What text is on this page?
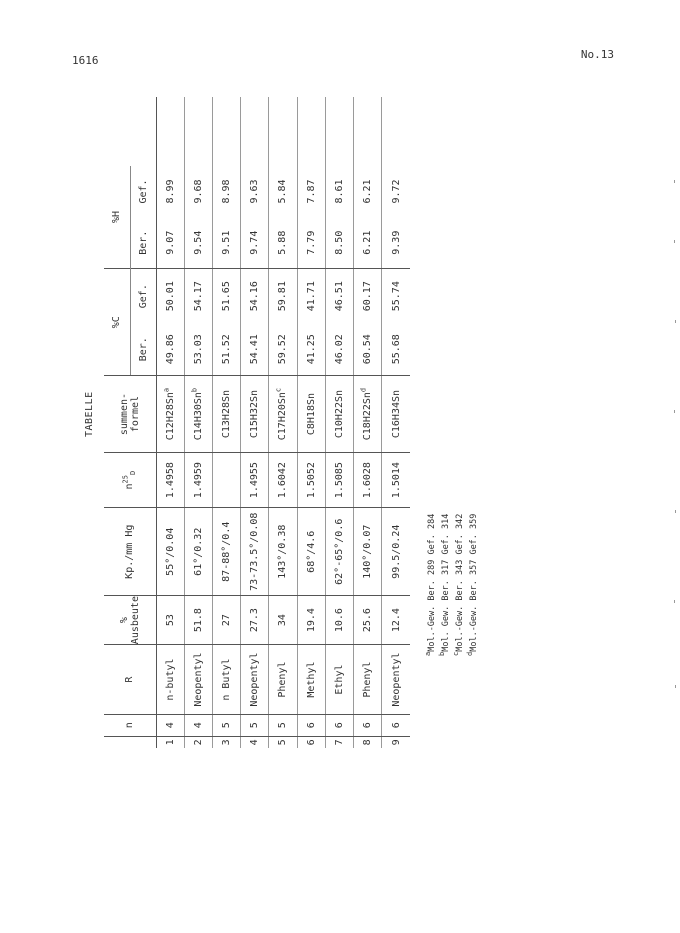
1616	No.13
TABELLE
	n	R	%
Ausbeute	Kp./mm Hg	$n^{25}_D$	summen-formel	%C		%H		
							Ber.	Gef.	Ber.	Gef.	
1	4	n-butyl	53	55°/0.04	1.4958	C12H28Sn$^a$	49.86	50.01	9.07	8.99	
2	4	Neopentyl	51.8	61°/0.32	1.4959	C14H30Sn$^b$	53.03	54.17	9.54	9.68	
3	5	n Butyl	27	87-88°/0.4		C13H28Sn	51.52	51.65	9.51	8.98	
4	5	Neopentyl	27.3	73-73.5°/0.08	1.4955	C15H32Sn	54.41	54.16	9.74	9.63	
5	5	Phenyl	34	143°/0.38	1.6042	C17H20Sn$^c$	59.52	59.81	5.88	5.84	
6	6	Methyl	19.4	68°/4.6	1.5052	C8H18Sn	41.25	41.71	7.79	7.87	
7	6	Ethyl	10.6	62°-65°/0.6	1.5085	C10H22Sn	46.02	46.51	8.50	8.61	
8	6	Phenyl	25.6	140°/0.07	1.6028	C18H22Sn$^d$	60.54	60.17	6.21	6.21	
9	6	Neopentyl	12.4	99.5/0.24	1.5014	C16H34Sn	55.68	55.74	9.39	9.72	
$^a$Mol.-Gew. Ber. 289 Gef. 284
$^b$Mol. Gew. Ber. 317 Gef. 314
$^c$Mol.-Gew. Ber. 343 Gef. 342
$^d$Mol.-Gew. Ber. 357 Gef. 359
